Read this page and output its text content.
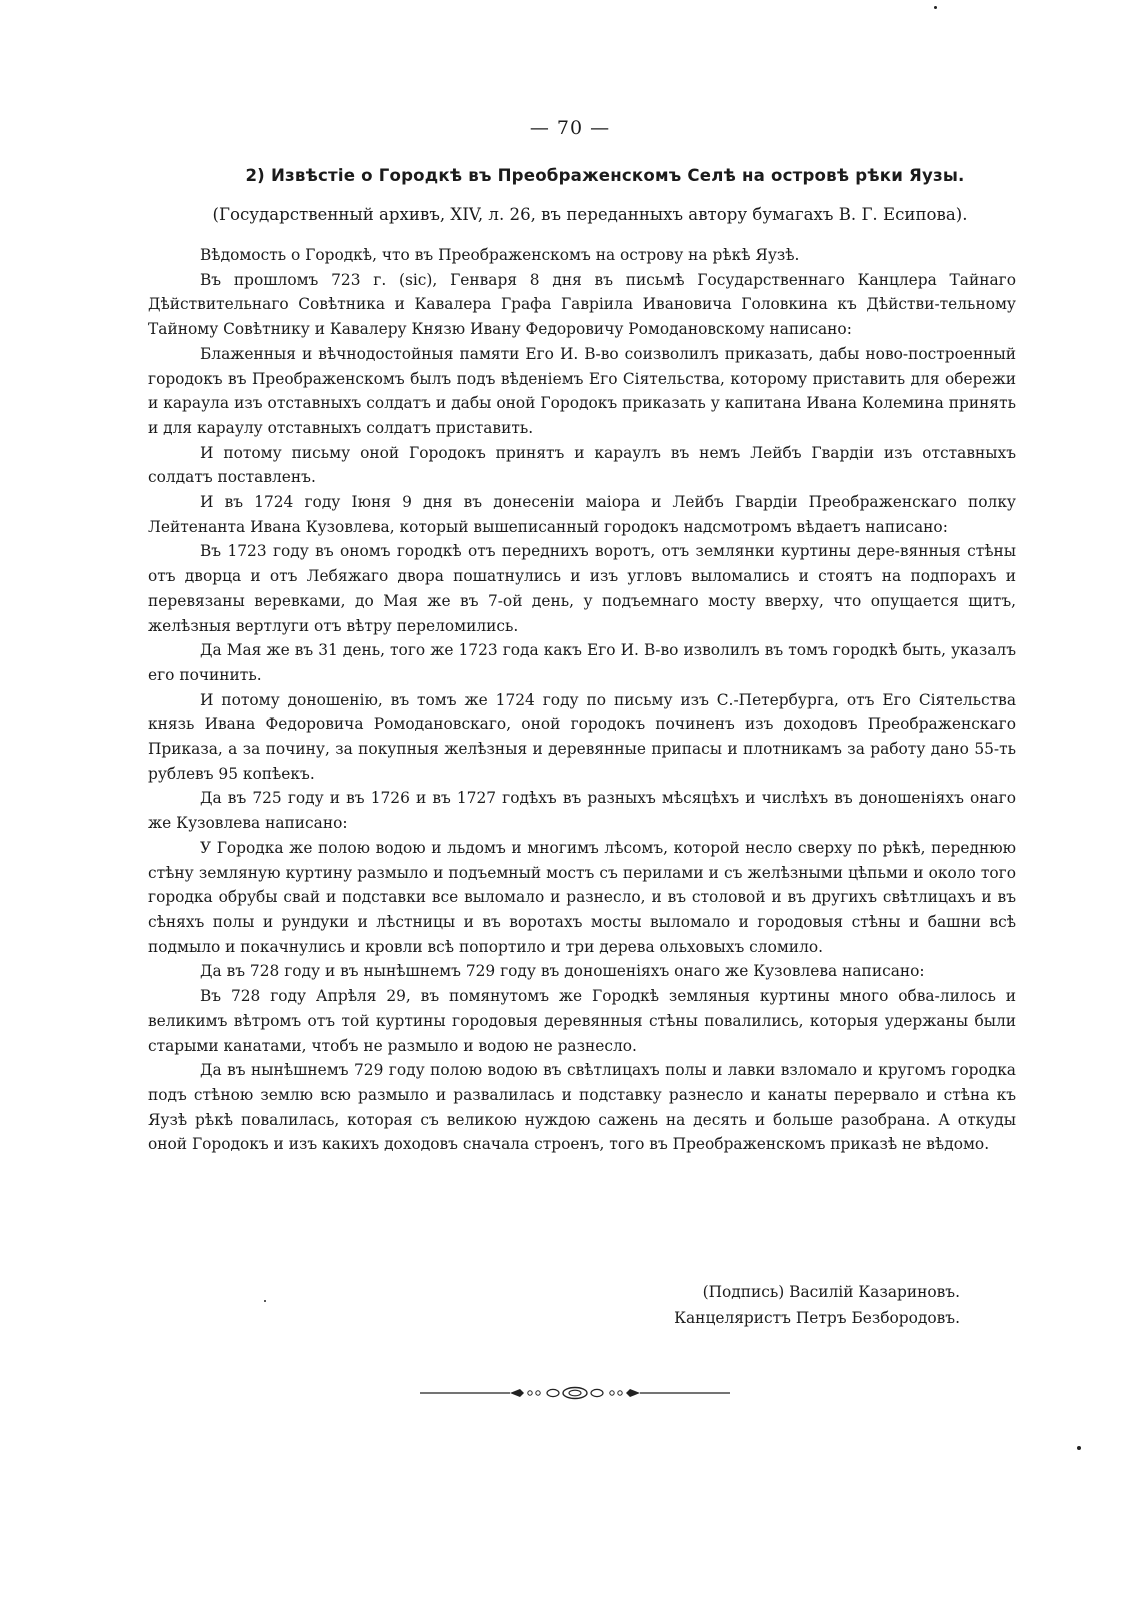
— 70 —
2) Извѣстіе о Городкѣ въ Преображенскомъ Селѣ на островѣ рѣки Яузы.
(Государственный архивъ, XIV, л. 26, въ переданныхъ автору бумагахъ В. Г. Есипова).

Вѣдомость о Городкѣ, что въ Преображенскомъ на острову на рѣкѣ Яузѣ.

Въ прошломъ 723 г. (sic), Генваря 8 дня въ письмѣ Государственнаго Канцлера Тайнаго Дѣйствительнаго Совѣтника и Кавалера Графа Гавріила Ивановича Головкина къ Дѣйстви-тельному Тайному Совѣтнику и Кавалеру Князю Ивану Федоровичу Ромодановскому написано:

Блаженныя и вѣчнодостойныя памяти Его И. В-во соизволилъ приказать, дабы ново-построенный городокъ въ Преображенскомъ былъ подъ вѣденіемъ Его Сіятельства, которому приставить для обережи и караула изъ отставныхъ солдатъ и дабы оной Городокъ приказать у капитана Ивана Колемина принять и для караулу отставныхъ солдатъ приставить.

И потому письму оной Городокъ принятъ и караулъ въ немъ Лейбъ Гвардіи изъ отставныхъ солдатъ поставленъ.

И въ 1724 году Іюня 9 дня въ донесеніи маіора и Лейбъ Гвардіи Преображенскаго полку Лейтенанта Ивана Кузовлева, который вышеписанный городокъ надсмотромъ вѣдаетъ написано:

Въ 1723 году въ ономъ городкѣ отъ переднихъ воротъ, отъ землянки куртины дере-вянныя стѣны отъ дворца и отъ Лебяжаго двора пошатнулись и изъ угловъ выломались и стоятъ на подпорахъ и перевязаны веревками, до Мая же въ 7-ой день, у подъемнаго мосту вверху, что опущается щитъ, желѣзныя вертлуги отъ вѣтру переломились.

Да Мая же въ 31 день, того же 1723 года какъ Его И. В-во изволилъ въ томъ городкѣ быть, указалъ его починить.

И потому доношенію, въ томъ же 1724 году по письму изъ С.-Петербурга, отъ Его Сіятельства князь Ивана Федоровича Ромодановскаго, оной городокъ починенъ изъ доходовъ Преображенскаго Приказа, а за почину, за покупныя желѣзныя и деревянные припасы и плотникамъ за работу дано 55-ть рублевъ 95 копѣекъ.

Да въ 725 году и въ 1726 и въ 1727 годѣхъ въ разныхъ мѣсяцѣхъ и числѣхъ въ доношеніяхъ онаго же Кузовлева написано:

У Городка же полою водою и льдомъ и многимъ лѣсомъ, которой несло сверху по рѣкѣ, переднюю стѣну земляную куртину размыло и подъемный мостъ съ перилами и съ желѣзными цѣпьми и около того городка обрубы свай и подставки все выломало и разнесло, и въ столовой и въ другихъ свѣтлицахъ и въ сѣняхъ полы и рундуки и лѣстницы и въ воротахъ мосты выломало и городовыя стѣны и башни всѣ подмыло и покачнулись и кровли всѣ попортило и три дерева ольховыхъ сломило.

Да въ 728 году и въ нынѣшнемъ 729 году въ доношеніяхъ онаго же Кузовлева написано:

Въ 728 году Апрѣля 29, въ помянутомъ же Городкѣ земляныя куртины много обва-лилось и великимъ вѣтромъ отъ той куртины городовыя деревянныя стѣны повалились, которыя удержаны были старыми канатами, чтобъ не размыло и водою не разнесло.

Да въ нынѣшнемъ 729 году полою водою въ свѣтлицахъ полы и лавки взломало и кругомъ городка подъ стѣною землю всю размыло и развалилась и подставку разнесло и канаты перервало и стѣна къ Яузѣ рѣкѣ повалилась, которая съ великою нуждою сажень на десять и больше разобрана. А откуды оной Городокъ и изъ какихъ доходовъ сначала строенъ, того въ Преображенскомъ приказѣ не вѣдомо.

(Подпись) Василій Казариновъ.
Канцеляристъ Петръ Безбородовъ.
